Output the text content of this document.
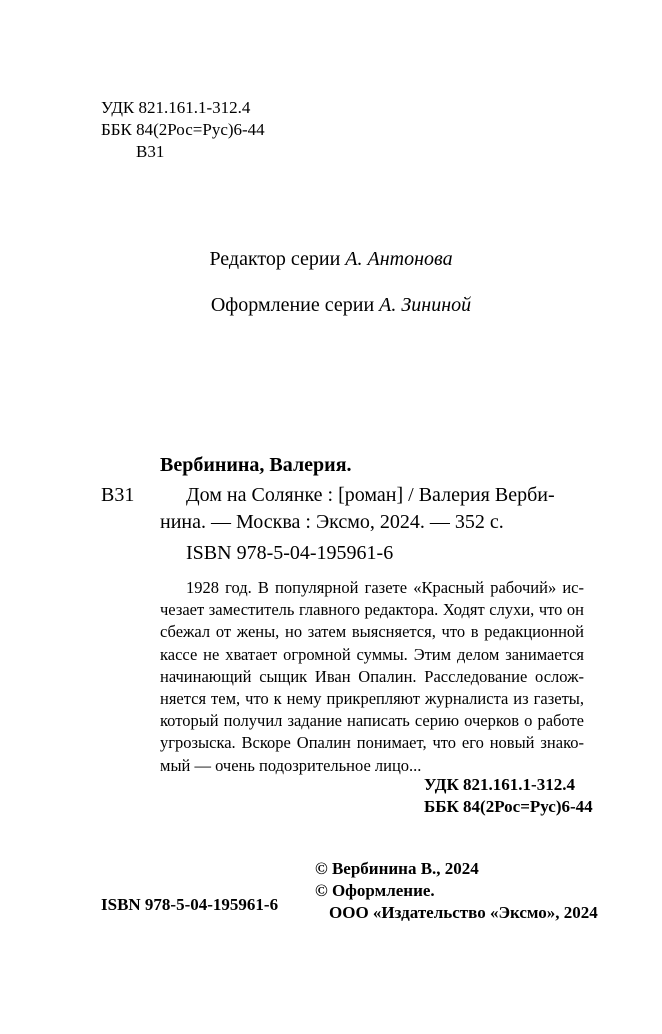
УДК 821.161.1-312.4
ББК 84(2Рос=Рус)6-44
В31
Редактор серии А. Антонова
Оформление серии А. Зининой
Вербинина, Валерия.
В31	Дом на Солянке : [роман] / Валерия Верби-
нина. — Москва : Эксмо, 2024. — 352 с.
ISBN 978-5-04-195961-6
1928 год. В популярной газете «Красный рабочий» ис-
чезает заместитель главного редактора. Ходят слухи, что он
сбежал от жены, но затем выясняется, что в редакционной
кассе не хватает огромной суммы. Этим делом занимается
начинающий сыщик Иван Опалин. Расследование ослож-
няется тем, что к нему прикрепляют журналиста из газеты,
который получил задание написать серию очерков о работе
угрозыска. Вскоре Опалин понимает, что его новый знако-
мый — очень подозрительное лицо...
УДК 821.161.1-312.4
ББК 84(2Рос=Рус)6-44
© Вербинина В., 2024
© Оформление.
ООО «Издательство «Эксмо», 2024
ISBN 978-5-04-195961-6
